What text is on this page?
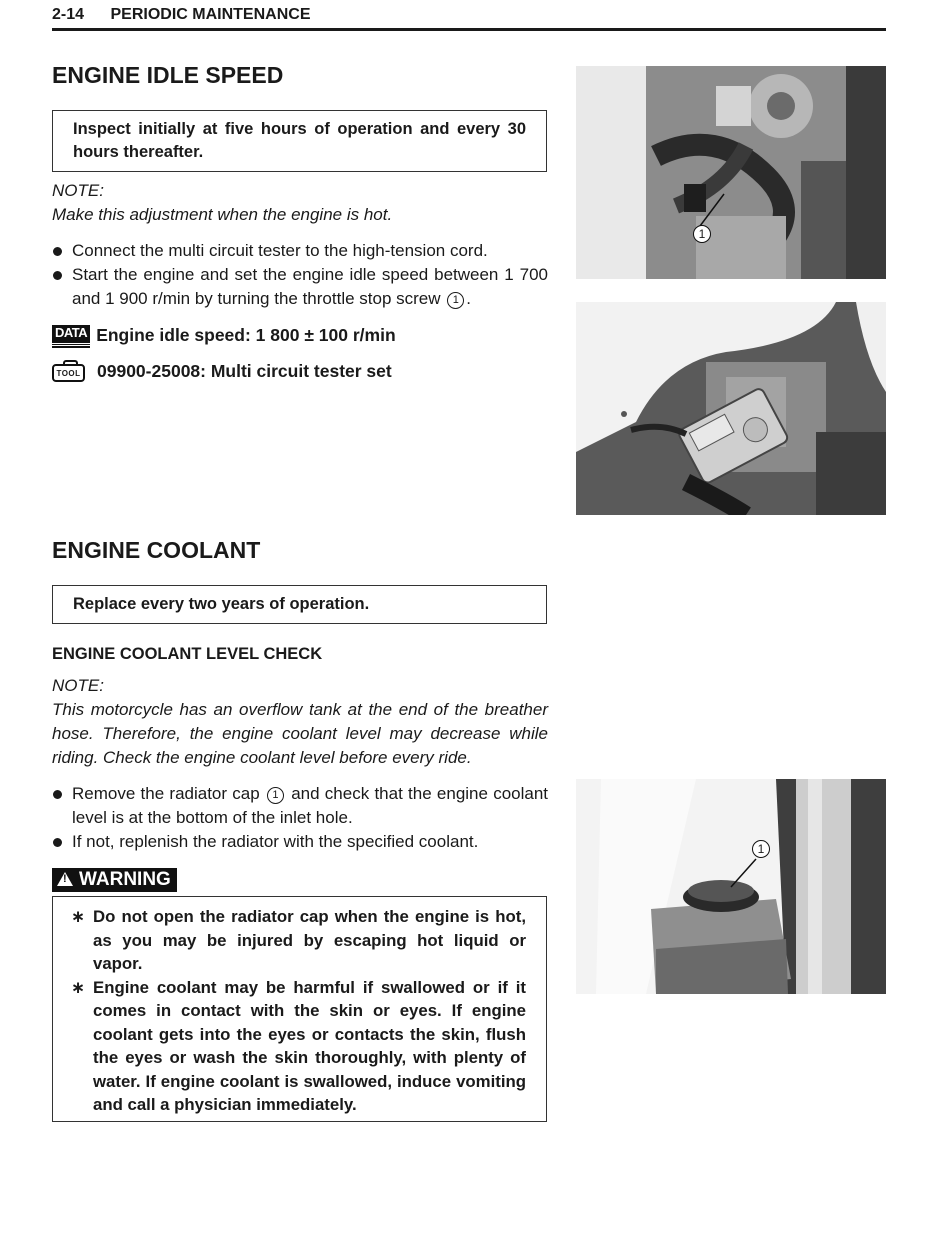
2-14 PERIODIC MAINTENANCE
ENGINE IDLE SPEED
Inspect initially at five hours of operation and every 30 hours thereafter.

NOTE:

Make this adjustment when the engine is hot.

Connect the multi circuit tester to the high-tension cord.
Start the engine and set the engine idle speed between 1 700 and 1 900 r/min by turning the throttle stop screw 1 .
DATA Engine idle speed: 1 800 ± 100 r/min
TOOL 09900-25008: Multi circuit tester set
ENGINE COOLANT
Replace every two years of operation.
ENGINE COOLANT LEVEL CHECK

NOTE:

This motorcycle has an overflow tank at the end of the breather hose. Therefore, the engine coolant level may decrease while riding. Check the engine coolant level before every ride.

Remove the radiator cap 1 and check that the engine coolant level is at the bottom of the inlet hole.
If not, replenish the radiator with the specified coolant.
!WARNING
∗ Do not open the radiator cap when the engine is hot, as you may be injured by escaping hot liquid or vapor.
∗ Engine coolant may be harmful if swallowed or if it comes in contact with the skin or eyes. If engine coolant gets into the eyes or contacts the skin, flush the eyes or wash the skin thoroughly, with plenty of water. If engine coolant is swallowed, induce vomiting and call a physician immediately.
1
1
